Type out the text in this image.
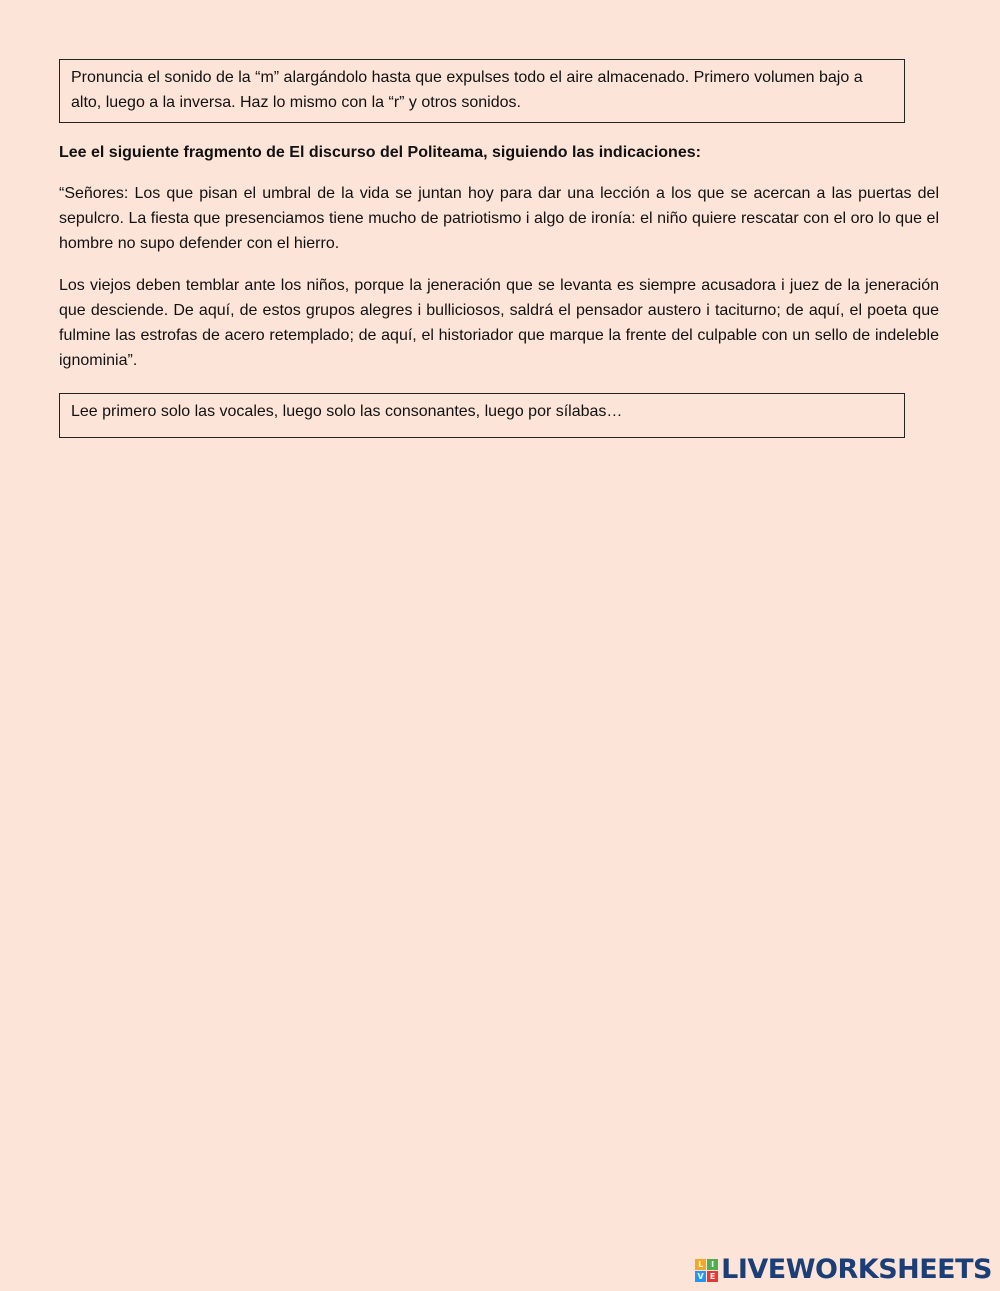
Pronuncia el sonido de la “m” alargándolo hasta que expulses todo el aire almacenado. Primero volumen bajo a alto, luego a la inversa. Haz lo mismo con la “r” y otros sonidos.
Lee el siguiente fragmento de El discurso del Politeama, siguiendo las indicaciones:

“Señores: Los que pisan el umbral de la vida se juntan hoy para dar una lección a los que se acercan a las puertas del sepulcro. La fiesta que presenciamos tiene mucho de patriotismo i algo de ironía: el niño quiere rescatar con el oro lo que el hombre no supo defender con el hierro.

Los viejos deben temblar ante los niños, porque la jeneración que se levanta es siempre acusadora i juez de la jeneración que desciende. De aquí, de estos grupos alegres i bulliciosos, saldrá el pensador austero i taciturno; de aquí, el poeta que fulmine las estrofas de acero retemplado; de aquí, el historiador que marque la frente del culpable con un sello de indeleble ignominia”.

Lee primero solo las vocales, luego solo las consonantes, luego por sílabas…
L I
V E LIVEWORKSHEETS
